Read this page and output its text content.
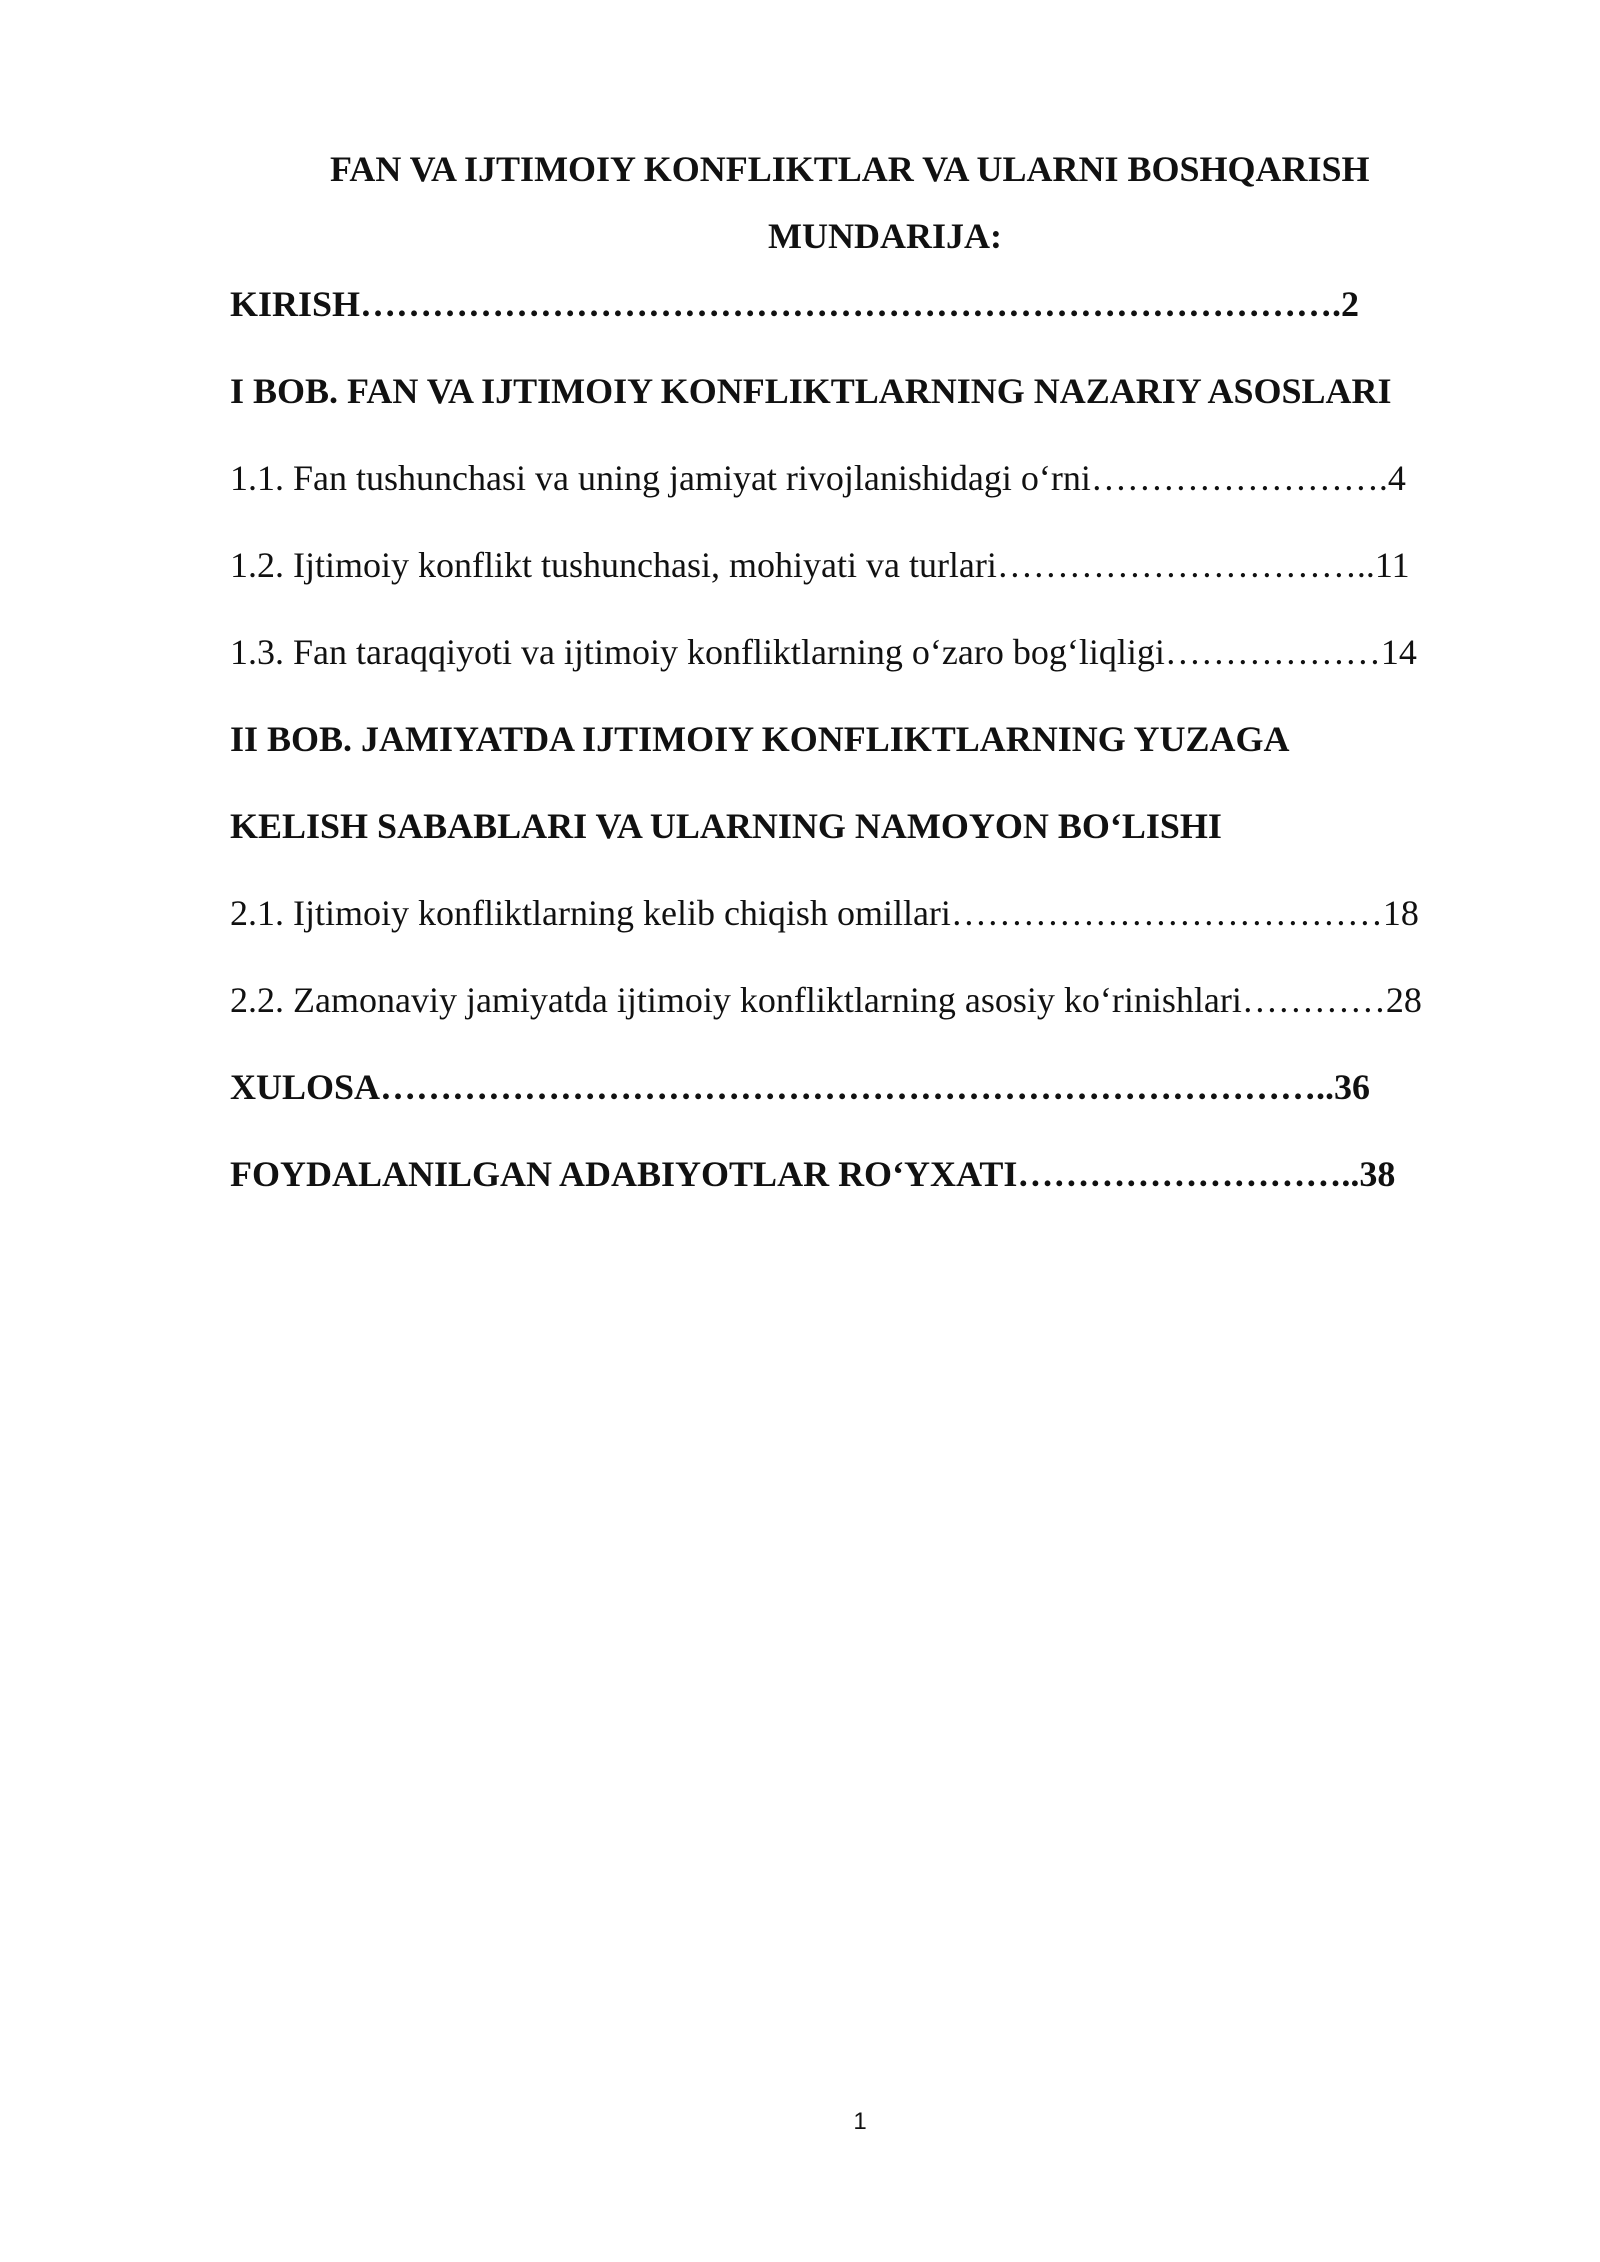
FAN VA IJTIMOIY KONFLIKTLAR VA ULARNI BOSHQARISH
MUNDARIJA:
KIRISH……………………………………………………………………….2
I BOB. FAN VA IJTIMOIY KONFLIKTLARNING NAZARIY ASOSLARI
1.1. Fan tushunchasi va uning jamiyat rivojlanishidagi o‘rni…………………….4
1.2. Ijtimoiy konflikt tushunchasi, mohiyati va turlari…………………………..11
1.3. Fan taraqqiyoti va ijtimoiy konfliktlarning o‘zaro bog‘liqligi………………14
II BOB. JAMIYATDA IJTIMOIY KONFLIKTLARNING YUZAGA
KELISH SABABLARI VA ULARNING NAMOYON BO‘LISHI
2.1. Ijtimoiy konfliktlarning kelib chiqish omillari………………………………18
2.2. Zamonaviy jamiyatda ijtimoiy konfliktlarning asosiy ko‘rinishlari…………28
XULOSA……………………………………………………………………..36
FOYDALANILGAN ADABIYOTLAR RO‘YXATI………………………..38
1
